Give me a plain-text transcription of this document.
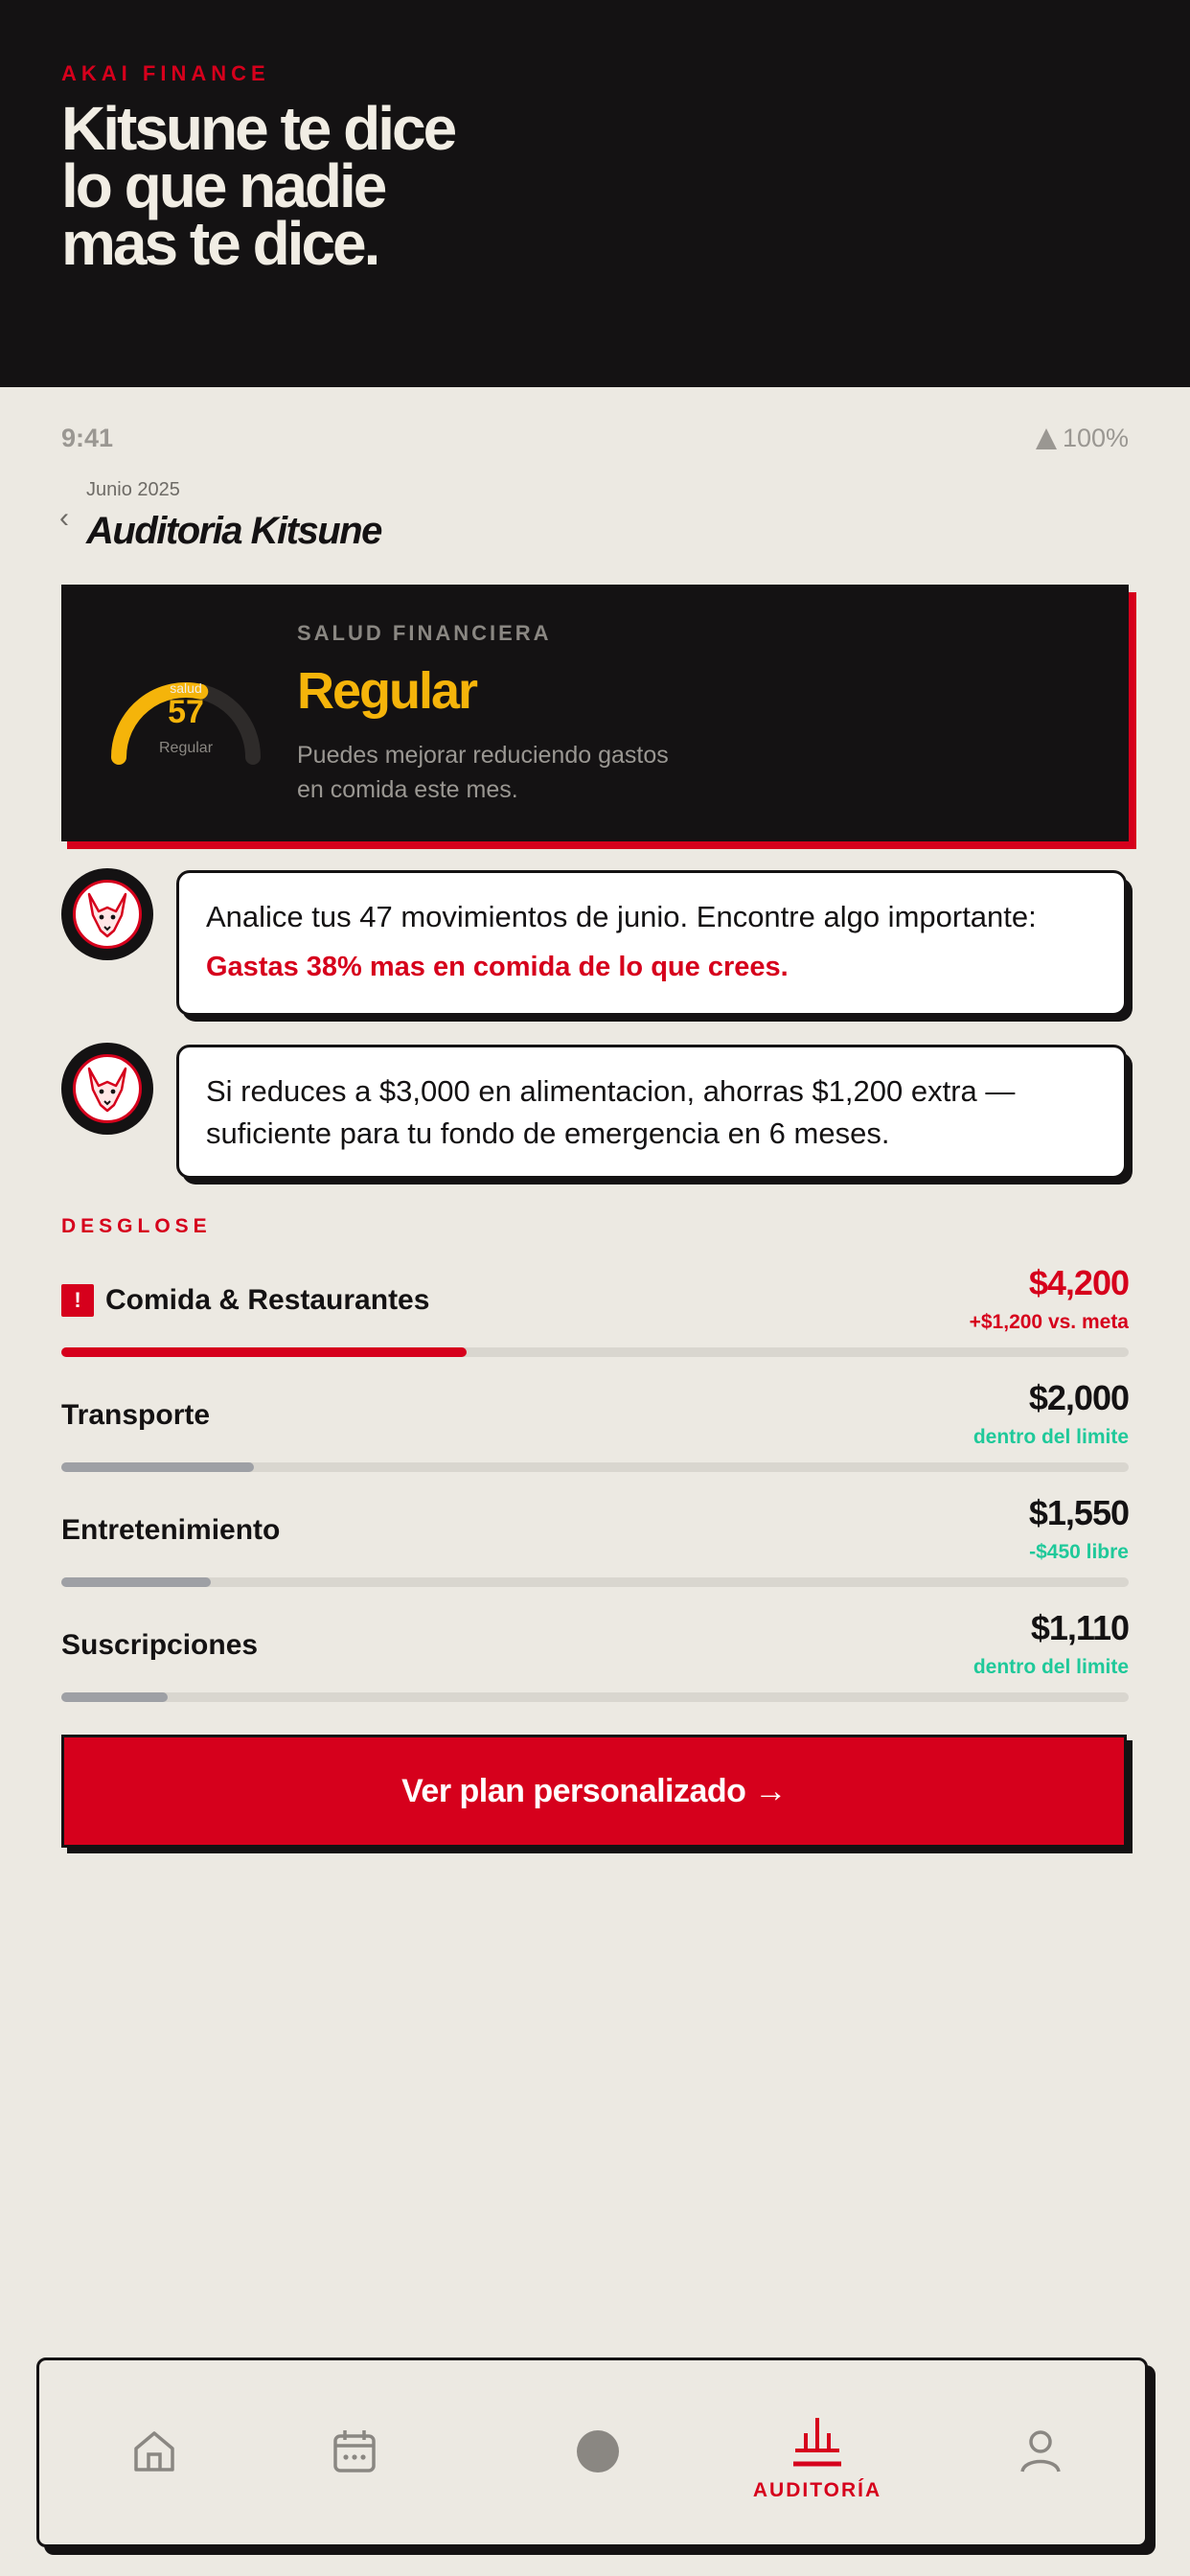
AKAI FINANCE
Kitsune te dice lo que nadie mas te dice.
9:41	100%
‹
Junio 2025
Auditoria Kitsune
salud
57
Regular
SALUD FINANCIERA
Regular
Puedes mejorar reduciendo gastos en comida este mes.
Analice tus 47 movimientos de junio. Encontre algo importante:
Gastas 38% mas en comida de lo que crees.
Si reduces a $3,000 en alimentacion, ahorras $1,200 extra — suficiente para tu fondo de emergencia en 6 meses.
DESGLOSE
! Comida & Restaurantes	$4,200
+$1,200 vs. meta
Transporte	$2,000
dentro del limite
Entretenimiento	$1,550
-$450 libre
Suscripciones	$1,110
dentro del limite
Ver plan personalizado →
AUDITORÍA
